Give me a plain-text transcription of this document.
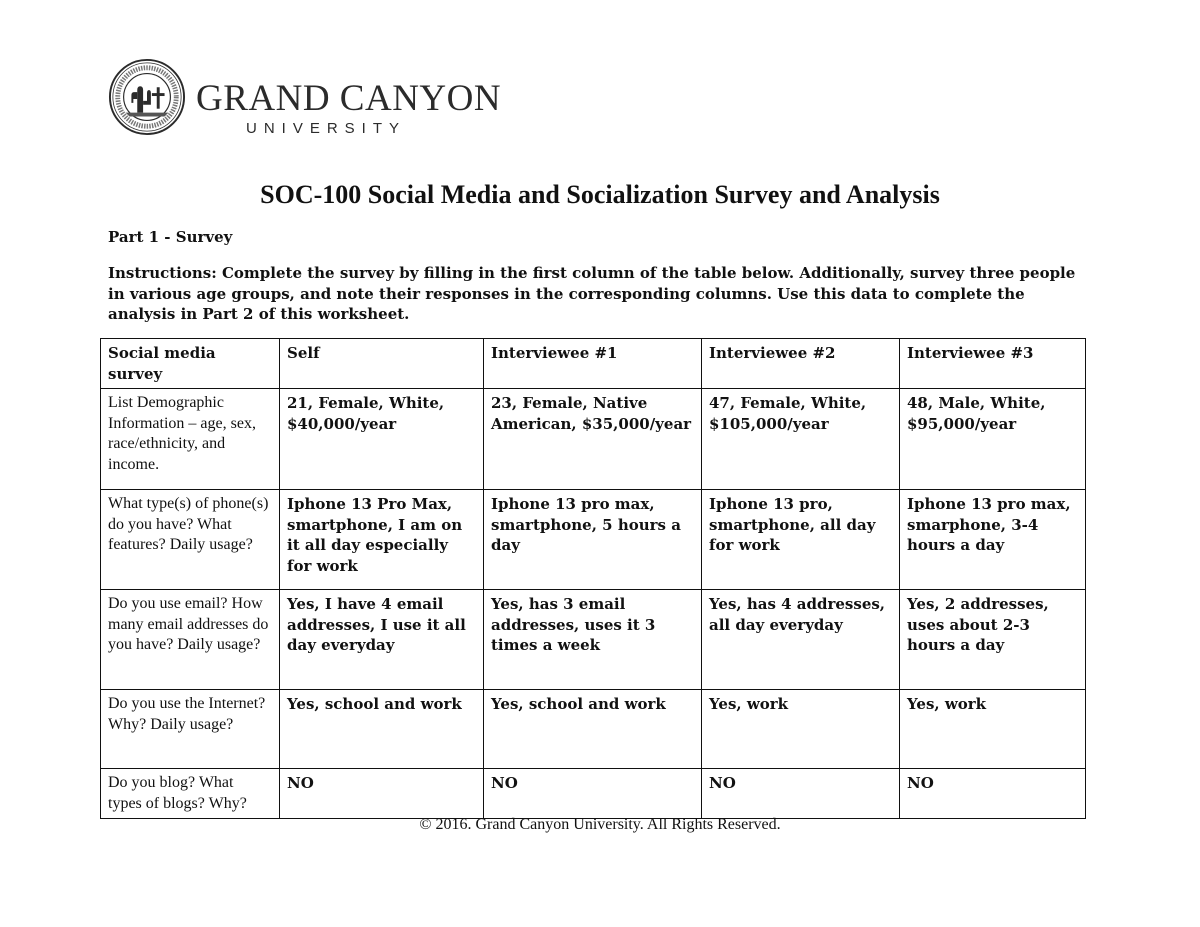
GRAND CANYON
UNIVERSITY
SOC-100 Social Media and Socialization Survey and Analysis

Part 1 - Survey

Instructions: Complete the survey by filling in the first column of the table below. Additionally, survey three people in various age groups, and note their responses in the corresponding columns. Use this data to complete the analysis in Part 2 of this worksheet.

Social media survey	Self	Interviewee #1	Interviewee #2	Interviewee #3
List Demographic Information – age, sex, race/ethnicity, and income.	21, Female, White, $40,000/year	23, Female, Native American, $35,000/year	47, Female, White, $105,000/year	48, Male, White, $95,000/year
What type(s) of phone(s) do you have? What features? Daily usage?	Iphone 13 Pro Max, smartphone, I am on it all day especially for work	Iphone 13 pro max, smartphone, 5 hours a day	Iphone 13 pro, smartphone, all day for work	Iphone 13 pro max, smarphone, 3-4 hours a day
Do you use email? How many email addresses do you have? Daily usage?	Yes, I have 4 email addresses, I use it all day everyday	Yes, has 3 email addresses, uses it 3 times a week	Yes, has 4 addresses, all day everyday	Yes, 2 addresses, uses about 2-3 hours a day
Do you use the Internet? Why? Daily usage?	Yes, school and work	Yes, school and work	Yes, work	Yes, work
Do you blog? What types of blogs? Why?	NO	NO	NO	NO

© 2016. Grand Canyon University. All Rights Reserved.
